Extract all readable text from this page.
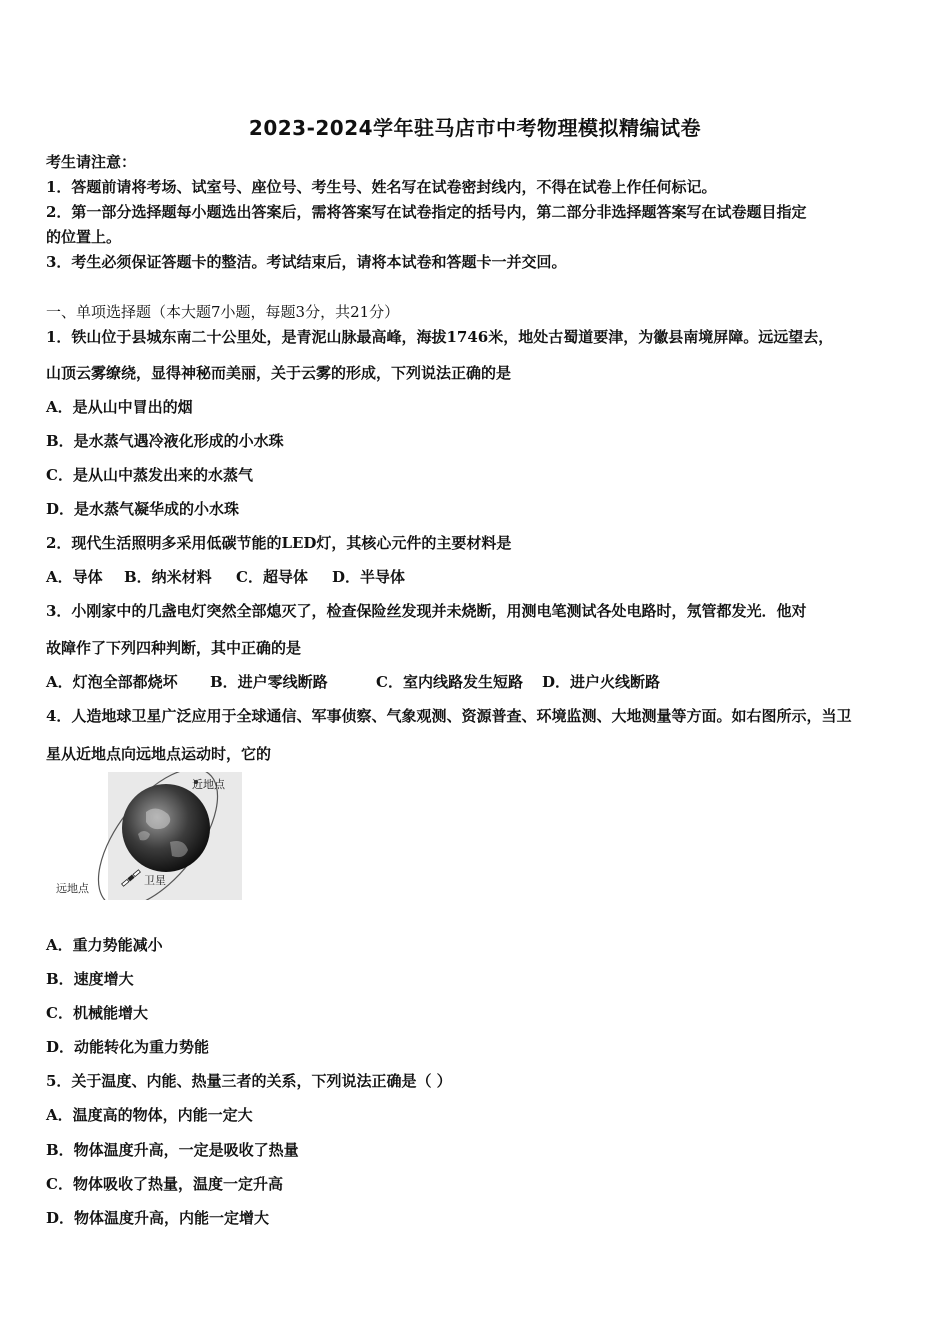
2023-2024学年驻马店市中考物理模拟精编试卷
考生请注意：
1．答题前请将考场、试室号、座位号、考生号、姓名写在试卷密封线内，不得在试卷上作任何标记。
2．第一部分选择题每小题选出答案后，需将答案写在试卷指定的括号内，第二部分非选择题答案写在试卷题目指定
的位置上。
3．考生必须保证答题卡的整洁。考试结束后，请将本试卷和答题卡一并交回。
一、单项选择题（本大题7小题，每题3分，共21分）
1．铁山位于县城东南二十公里处，是青泥山脉最高峰，海拔1746米，地处古蜀道要津，为徽县南境屏障。远远望去，
山顶云雾缭绕，显得神秘而美丽，关于云雾的形成，下列说法正确的是
A．是从山中冒出的烟
B．是水蒸气遇冷液化形成的小水珠
C．是从山中蒸发出来的水蒸气
D．是水蒸气凝华成的小水珠
2．现代生活照明多采用低碳节能的LED灯，其核心元件的主要材料是
A．导体 B．纳米材料 C．超导体 D．半导体
3．小刚家中的几盏电灯突然全部熄灭了，检查保险丝发现并未烧断，用测电笔测试各处电路时，氖管都发光．他对
故障作了下列四种判断，其中正确的是
A．灯泡全部都烧坏 B．进户零线断路	C．室内线路发生短路 D．进户火线断路
4．人造地球卫星广泛应用于全球通信、军事侦察、气象观测、资源普查、环境监测、大地测量等方面。如右图所示，当卫
星从近地点向远地点运动时，它的
近地点
卫星
远地点
A．重力势能减小
B．速度增大
C．机械能增大
D．动能转化为重力势能
5．关于温度、内能、热量三者的关系，下列说法正确是（ ）
A．温度高的物体，内能一定大
B．物体温度升高，一定是吸收了热量
C．物体吸收了热量，温度一定升高
D．物体温度升高，内能一定增大
